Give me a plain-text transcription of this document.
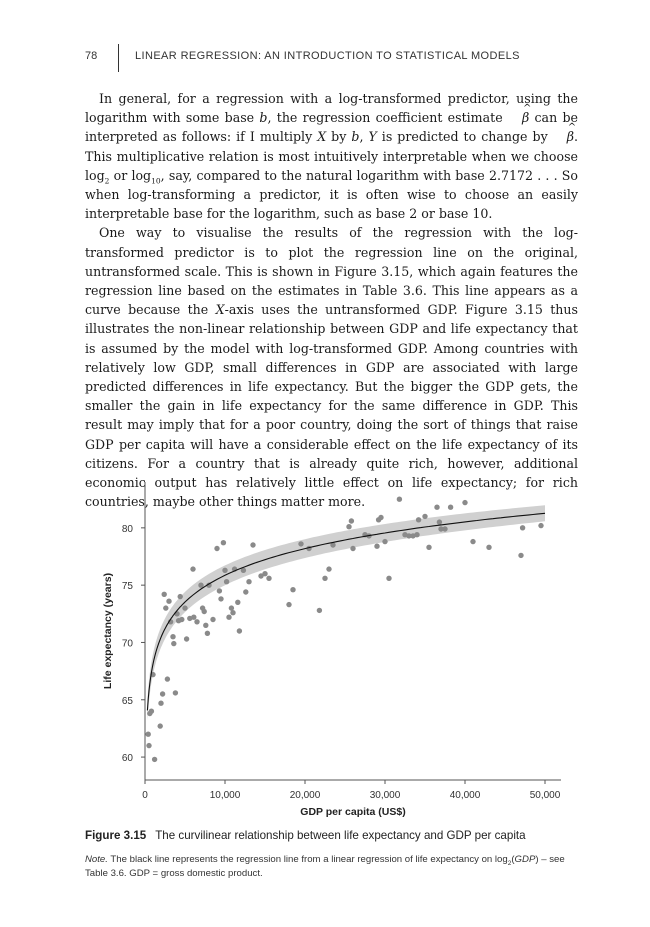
78	LINEAR REGRESSION: AN INTRODUCTION TO STATISTICAL MODELS

In general, for a regression with a log-transformed predictor, using the logarithm with some base b, the regression coefficient estimate ^ β can be interpreted as follows: if I multiply X by b, Y is predicted to change by ^ β. This multiplicative relation is most intuitively interpretable when we choose $\log_2$ or $\log_{10}$, say, compared to the natural logarithm with base 2.7172 . . . So when log-transforming a predictor, it is often wise to choose an easily interpretable base for the logarithm, such as base 2 or base 10.

One way to visualise the results of the regression with the log-transformed predictor is to plot the regression line on the original, untransformed scale. This is shown in Figure 3.15, which again features the regression line based on the estimates in Table 3.6. This line appears as a curve because the X-axis uses the untransformed GDP. Figure 3.15 thus illustrates the non-linear relationship between GDP and life expectancy that is assumed by the model with log-transformed GDP. Among countries with relatively low GDP, small differences in GDP are associated with large predicted differences in life expectancy. But the bigger the GDP gets, the smaller the gain in life expectancy for the same difference in GDP. This result may imply that for a poor country, doing the sort of things that raise GDP per capita will have a considerable effect on the life expectancy of its citizens. For a country that is already quite rich, however, additional economic output has relatively little effect on life expectancy; for rich countries, maybe other things matter more.

60
65
70
75
80
0	10,000	20,000	30,000	40,000	50,000
GDP per capita (US$)
Life expectancy (years)
Figure 3.15 The curvilinear relationship between life expectancy and GDP per capita
Note. The black line represents the regression line from a linear regression of life expectancy on $\log_2(GDP)$ – see Table 3.6. GDP = gross domestic product.
